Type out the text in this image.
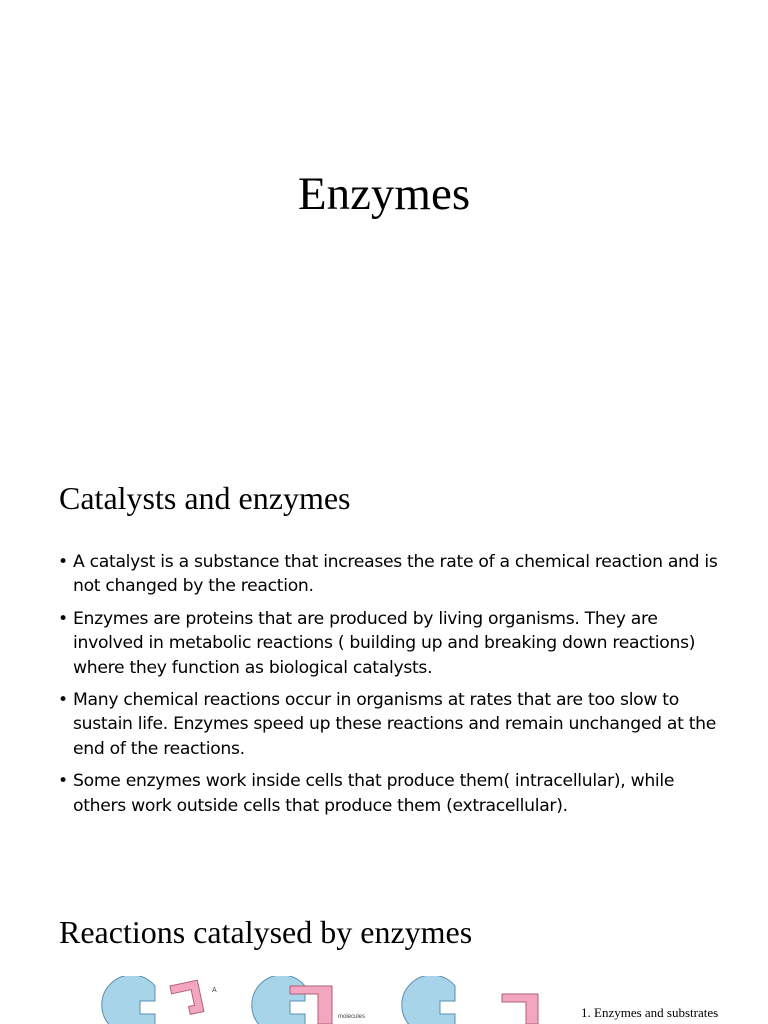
Enzymes
Catalysts and enzymes
• A catalyst is a substance that increases the rate of a chemical reaction and is not changed by the reaction.
• Enzymes are proteins that are produced by living organisms. They are involved in metabolic reactions ( building up and breaking down reactions) where they function as biological catalysts.
• Many chemical reactions occur in organisms at rates that are too slow to sustain life. Enzymes speed up these reactions and remain unchanged at the end of the reactions.
• Some enzymes work inside cells that produce them( intracellular), while others work outside cells that produce them (extracellular).
Reactions catalysed by enzymes
A
molecules	1. Enzymes and substrates
